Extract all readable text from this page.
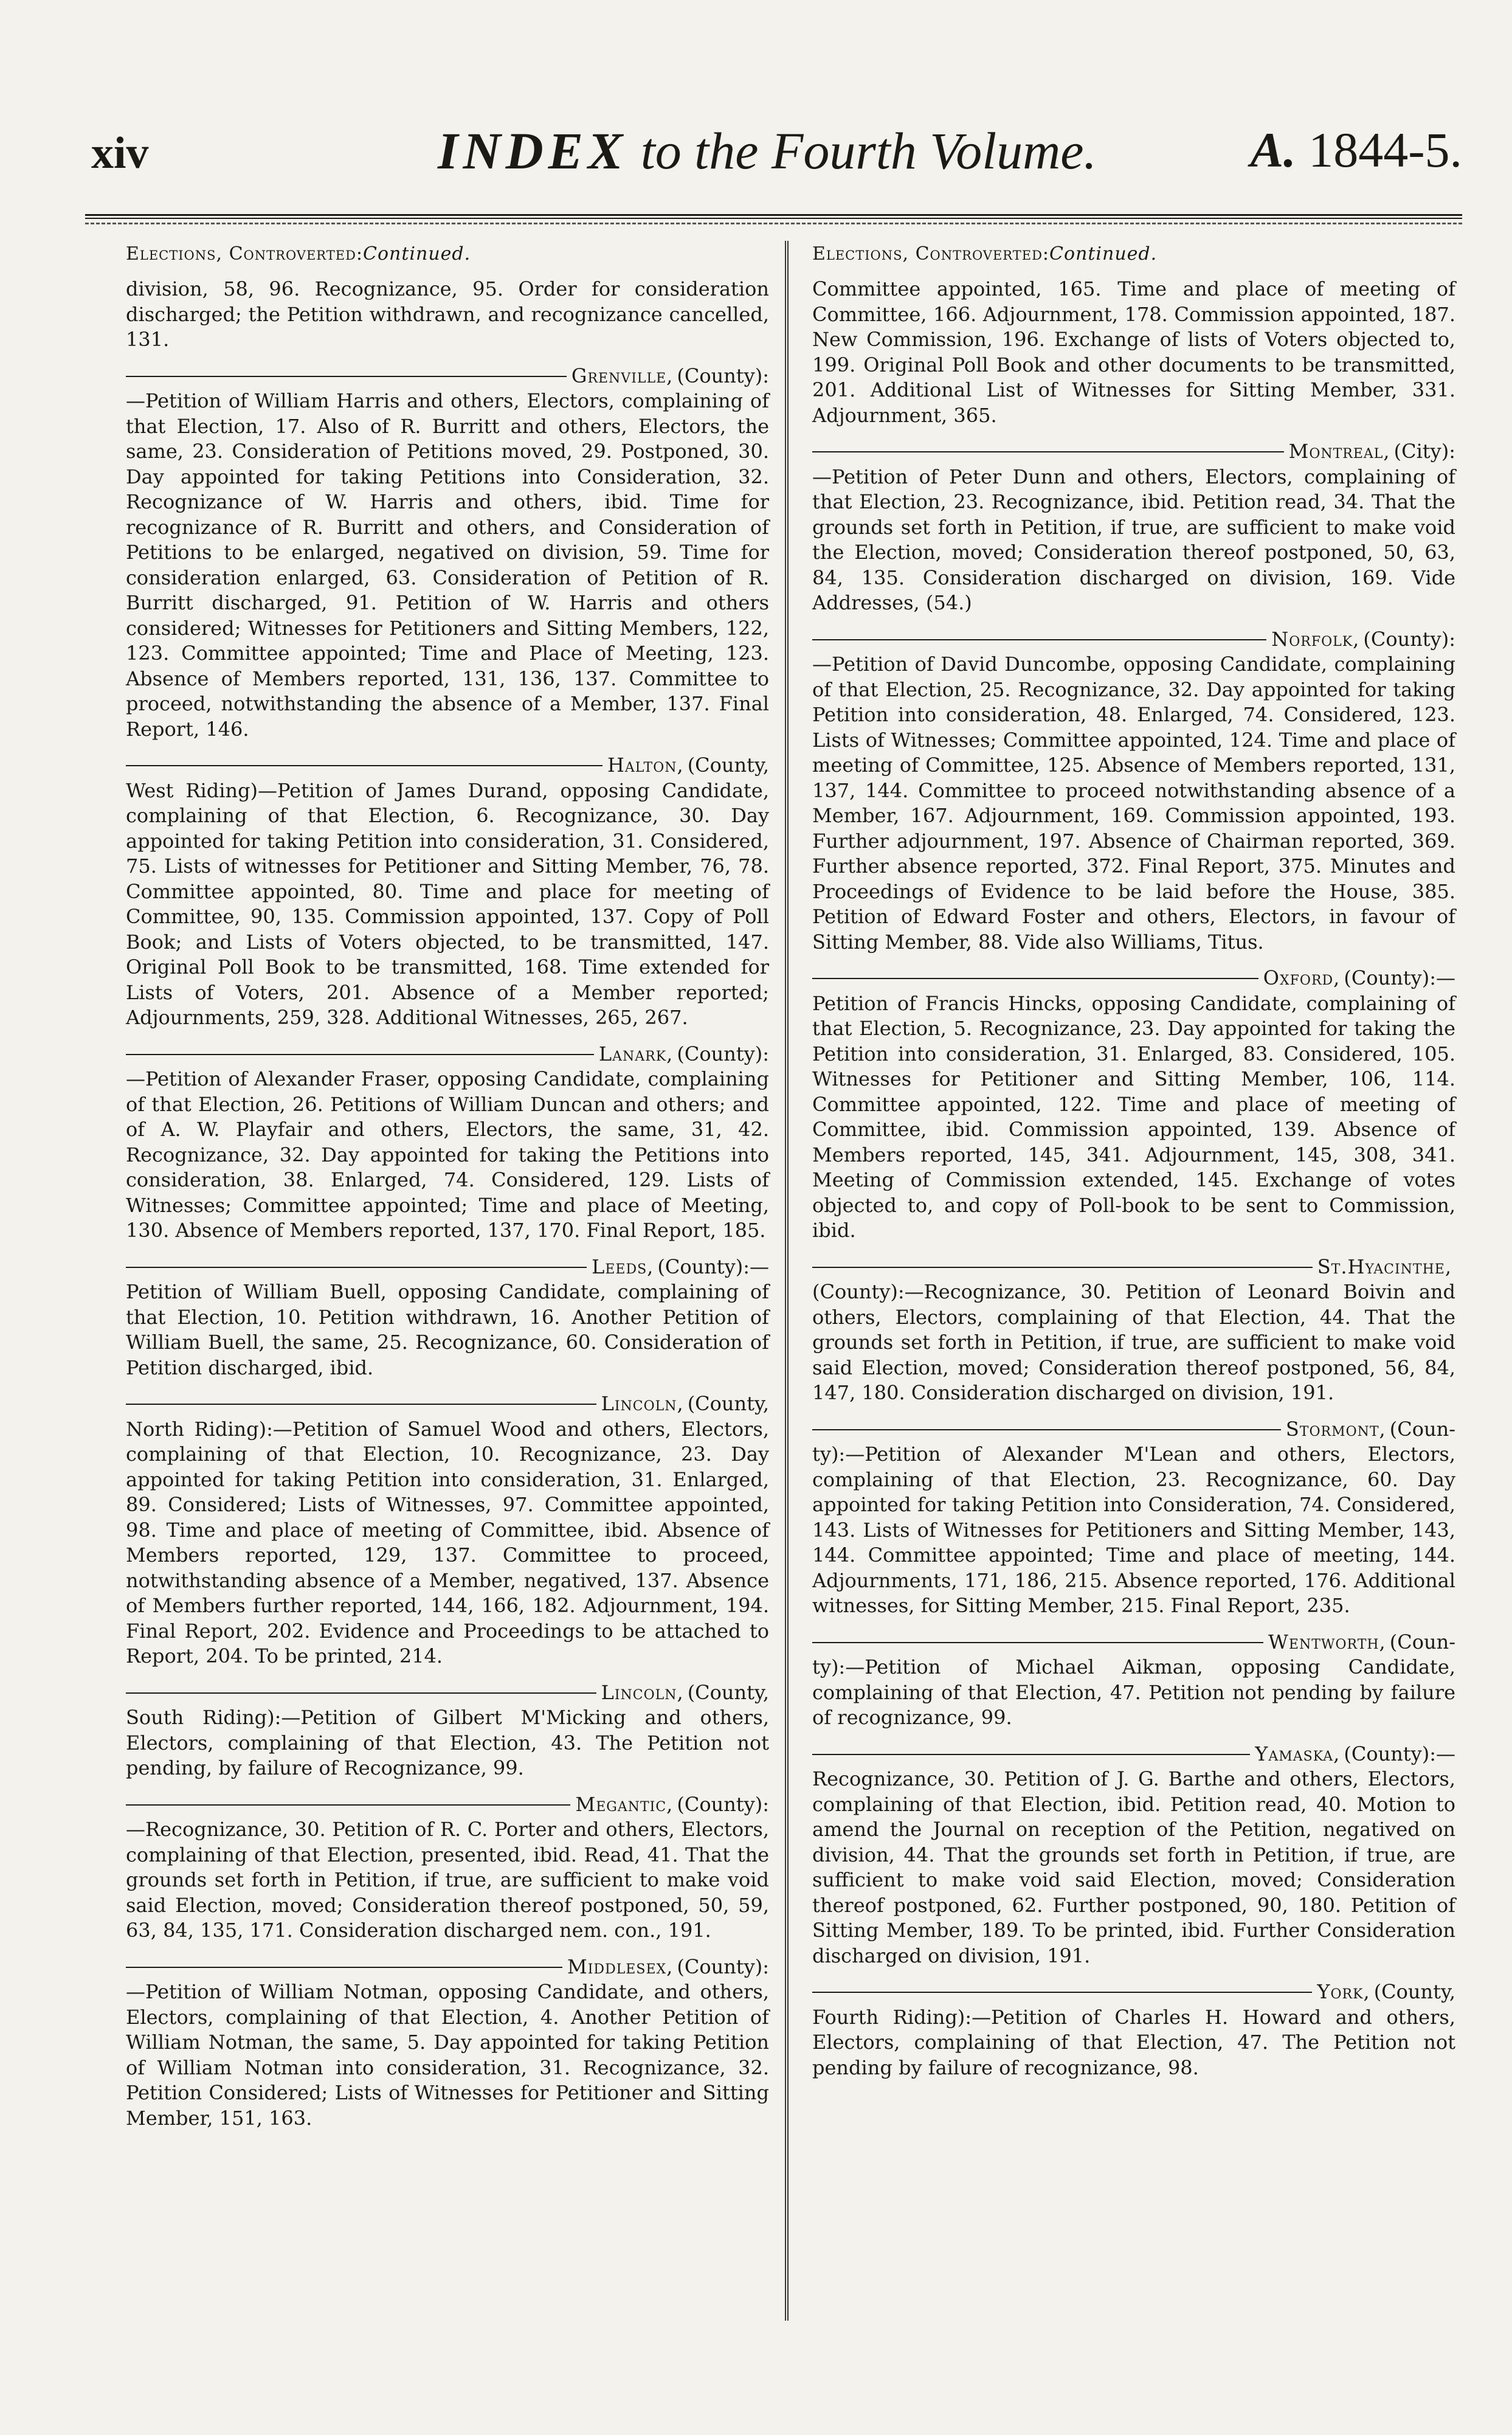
xiv	INDEX to the Fourth Volume.	A. 1844-5.
Elections, Controverted:Continued.

division, 58, 96. Recognizance, 95. Order for consideration discharged; the Petition withdrawn, and recognizance cancelled, 131.

Grenville, (County):

—Petition of William Harris and others, Electors, complaining of that Election, 17. Also of R. Burritt and others, Electors, the same, 23. Consideration of Petitions moved, 29. Postponed, 30. Day appointed for taking Petitions into Consideration, 32. Recognizance of W. Harris and others, ibid. Time for recognizance of R. Burritt and others, and Consideration of Petitions to be enlarged, negatived on division, 59. Time for consideration enlarged, 63. Consideration of Petition of R. Burritt discharged, 91. Petition of W. Harris and others considered; Witnesses for Petitioners and Sitting Members, 122, 123. Committee appointed; Time and Place of Meeting, 123. Absence of Members reported, 131, 136, 137. Committee to proceed, notwithstanding the absence of a Member, 137. Final Report, 146.

Halton, (County,

West Riding)—Petition of James Durand, opposing Candidate, complaining of that Election, 6. Recognizance, 30. Day appointed for taking Petition into consideration, 31. Considered, 75. Lists of witnesses for Petitioner and Sitting Member, 76, 78. Committee appointed, 80. Time and place for meeting of Committee, 90, 135. Commission appointed, 137. Copy of Poll Book; and Lists of Voters objected, to be transmitted, 147. Original Poll Book to be transmitted, 168. Time extended for Lists of Voters, 201. Absence of a Member reported; Adjournments, 259, 328. Additional Witnesses, 265, 267.

Lanark, (County):

—Petition of Alexander Fraser, opposing Candidate, complaining of that Election, 26. Petitions of William Duncan and others; and of A. W. Playfair and others, Electors, the same, 31, 42. Recognizance, 32. Day appointed for taking the Petitions into consideration, 38. Enlarged, 74. Considered, 129. Lists of Witnesses; Committee appointed; Time and place of Meeting, 130. Absence of Members reported, 137, 170. Final Report, 185.

Leeds, (County):—

Petition of William Buell, opposing Candidate, complaining of that Election, 10. Petition withdrawn, 16. Another Petition of William Buell, the same, 25. Recognizance, 60. Consideration of Petition discharged, ibid.

Lincoln, (County,

North Riding):—Petition of Samuel Wood and others, Electors, complaining of that Election, 10. Recognizance, 23. Day appointed for taking Petition into consideration, 31. Enlarged, 89. Considered; Lists of Witnesses, 97. Committee appointed, 98. Time and place of meeting of Committee, ibid. Absence of Members reported, 129, 137. Committee to proceed, notwithstanding absence of a Member, negatived, 137. Absence of Members further reported, 144, 166, 182. Adjournment, 194. Final Report, 202. Evidence and Proceedings to be attached to Report, 204. To be printed, 214.

Lincoln, (County,

South Riding):—Petition of Gilbert M'Micking and others, Electors, complaining of that Election, 43. The Petition not pending, by failure of Recognizance, 99.

Megantic, (County):

—Recognizance, 30. Petition of R. C. Porter and others, Electors, complaining of that Election, presented, ibid. Read, 41. That the grounds set forth in Petition, if true, are sufficient to make void said Election, moved; Consideration thereof postponed, 50, 59, 63, 84, 135, 171. Consideration discharged nem. con., 191.

Middlesex, (County):

—Petition of William Notman, opposing Candidate, and others, Electors, complaining of that Election, 4. Another Petition of William Notman, the same, 5. Day appointed for taking Petition of William Notman into consideration, 31. Recognizance, 32. Petition Considered; Lists of Witnesses for Petitioner and Sitting Member, 151, 163.

Elections, Controverted:Continued.

Committee appointed, 165. Time and place of meeting of Committee, 166. Adjournment, 178. Commission appointed, 187. New Commission, 196. Exchange of lists of Voters objected to, 199. Original Poll Book and other documents to be transmitted, 201. Additional List of Witnesses for Sitting Member, 331. Adjournment, 365.

Montreal, (City):

—Petition of Peter Dunn and others, Electors, complaining of that Election, 23. Recognizance, ibid. Petition read, 34. That the grounds set forth in Petition, if true, are sufficient to make void the Election, moved; Consideration thereof postponed, 50, 63, 84, 135. Consideration discharged on division, 169. Vide Addresses, (54.)

Norfolk, (County):

—Petition of David Duncombe, opposing Candidate, complaining of that Election, 25. Recognizance, 32. Day appointed for taking Petition into consideration, 48. Enlarged, 74. Considered, 123. Lists of Witnesses; Committee appointed, 124. Time and place of meeting of Committee, 125. Absence of Members reported, 131, 137, 144. Committee to proceed notwithstanding absence of a Member, 167. Adjournment, 169. Commission appointed, 193. Further adjournment, 197. Absence of Chairman reported, 369. Further absence reported, 372. Final Report, 375. Minutes and Proceedings of Evidence to be laid before the House, 385. Petition of Edward Foster and others, Electors, in favour of Sitting Member, 88. Vide also Williams, Titus.

Oxford, (County):—

Petition of Francis Hincks, opposing Candidate, complaining of that Election, 5. Recognizance, 23. Day appointed for taking the Petition into consideration, 31. Enlarged, 83. Considered, 105. Witnesses for Petitioner and Sitting Member, 106, 114. Committee appointed, 122. Time and place of meeting of Committee, ibid. Commission appointed, 139. Absence of Members reported, 145, 341. Adjournment, 145, 308, 341. Meeting of Commission extended, 145. Exchange of votes objected to, and copy of Poll-book to be sent to Commission, ibid.

St.Hyacinthe,

(County):—Recognizance, 30. Petition of Leonard Boivin and others, Electors, complaining of that Election, 44. That the grounds set forth in Petition, if true, are sufficient to make void said Election, moved; Consideration thereof postponed, 56, 84, 147, 180. Consideration discharged on division, 191.

Stormont, (Coun-

ty):—Petition of Alexander M'Lean and others, Electors, complaining of that Election, 23. Recognizance, 60. Day appointed for taking Petition into Consideration, 74. Considered, 143. Lists of Witnesses for Petitioners and Sitting Member, 143, 144. Committee appointed; Time and place of meeting, 144. Adjournments, 171, 186, 215. Absence reported, 176. Additional witnesses, for Sitting Member, 215. Final Report, 235.

Wentworth, (Coun-

ty):—Petition of Michael Aikman, opposing Candidate, complaining of that Election, 47. Petition not pending by failure of recognizance, 99.

Yamaska, (County):—

Recognizance, 30. Petition of J. G. Barthe and others, Electors, complaining of that Election, ibid. Petition read, 40. Motion to amend the Journal on reception of the Petition, negatived on division, 44. That the grounds set forth in Petition, if true, are sufficient to make void said Election, moved; Consideration thereof postponed, 62. Further postponed, 90, 180. Petition of Sitting Member, 189. To be printed, ibid. Further Consideration discharged on division, 191.

York, (County,

Fourth Riding):—Petition of Charles H. Howard and others, Electors, complaining of that Election, 47. The Petition not pending by failure of recognizance, 98.
